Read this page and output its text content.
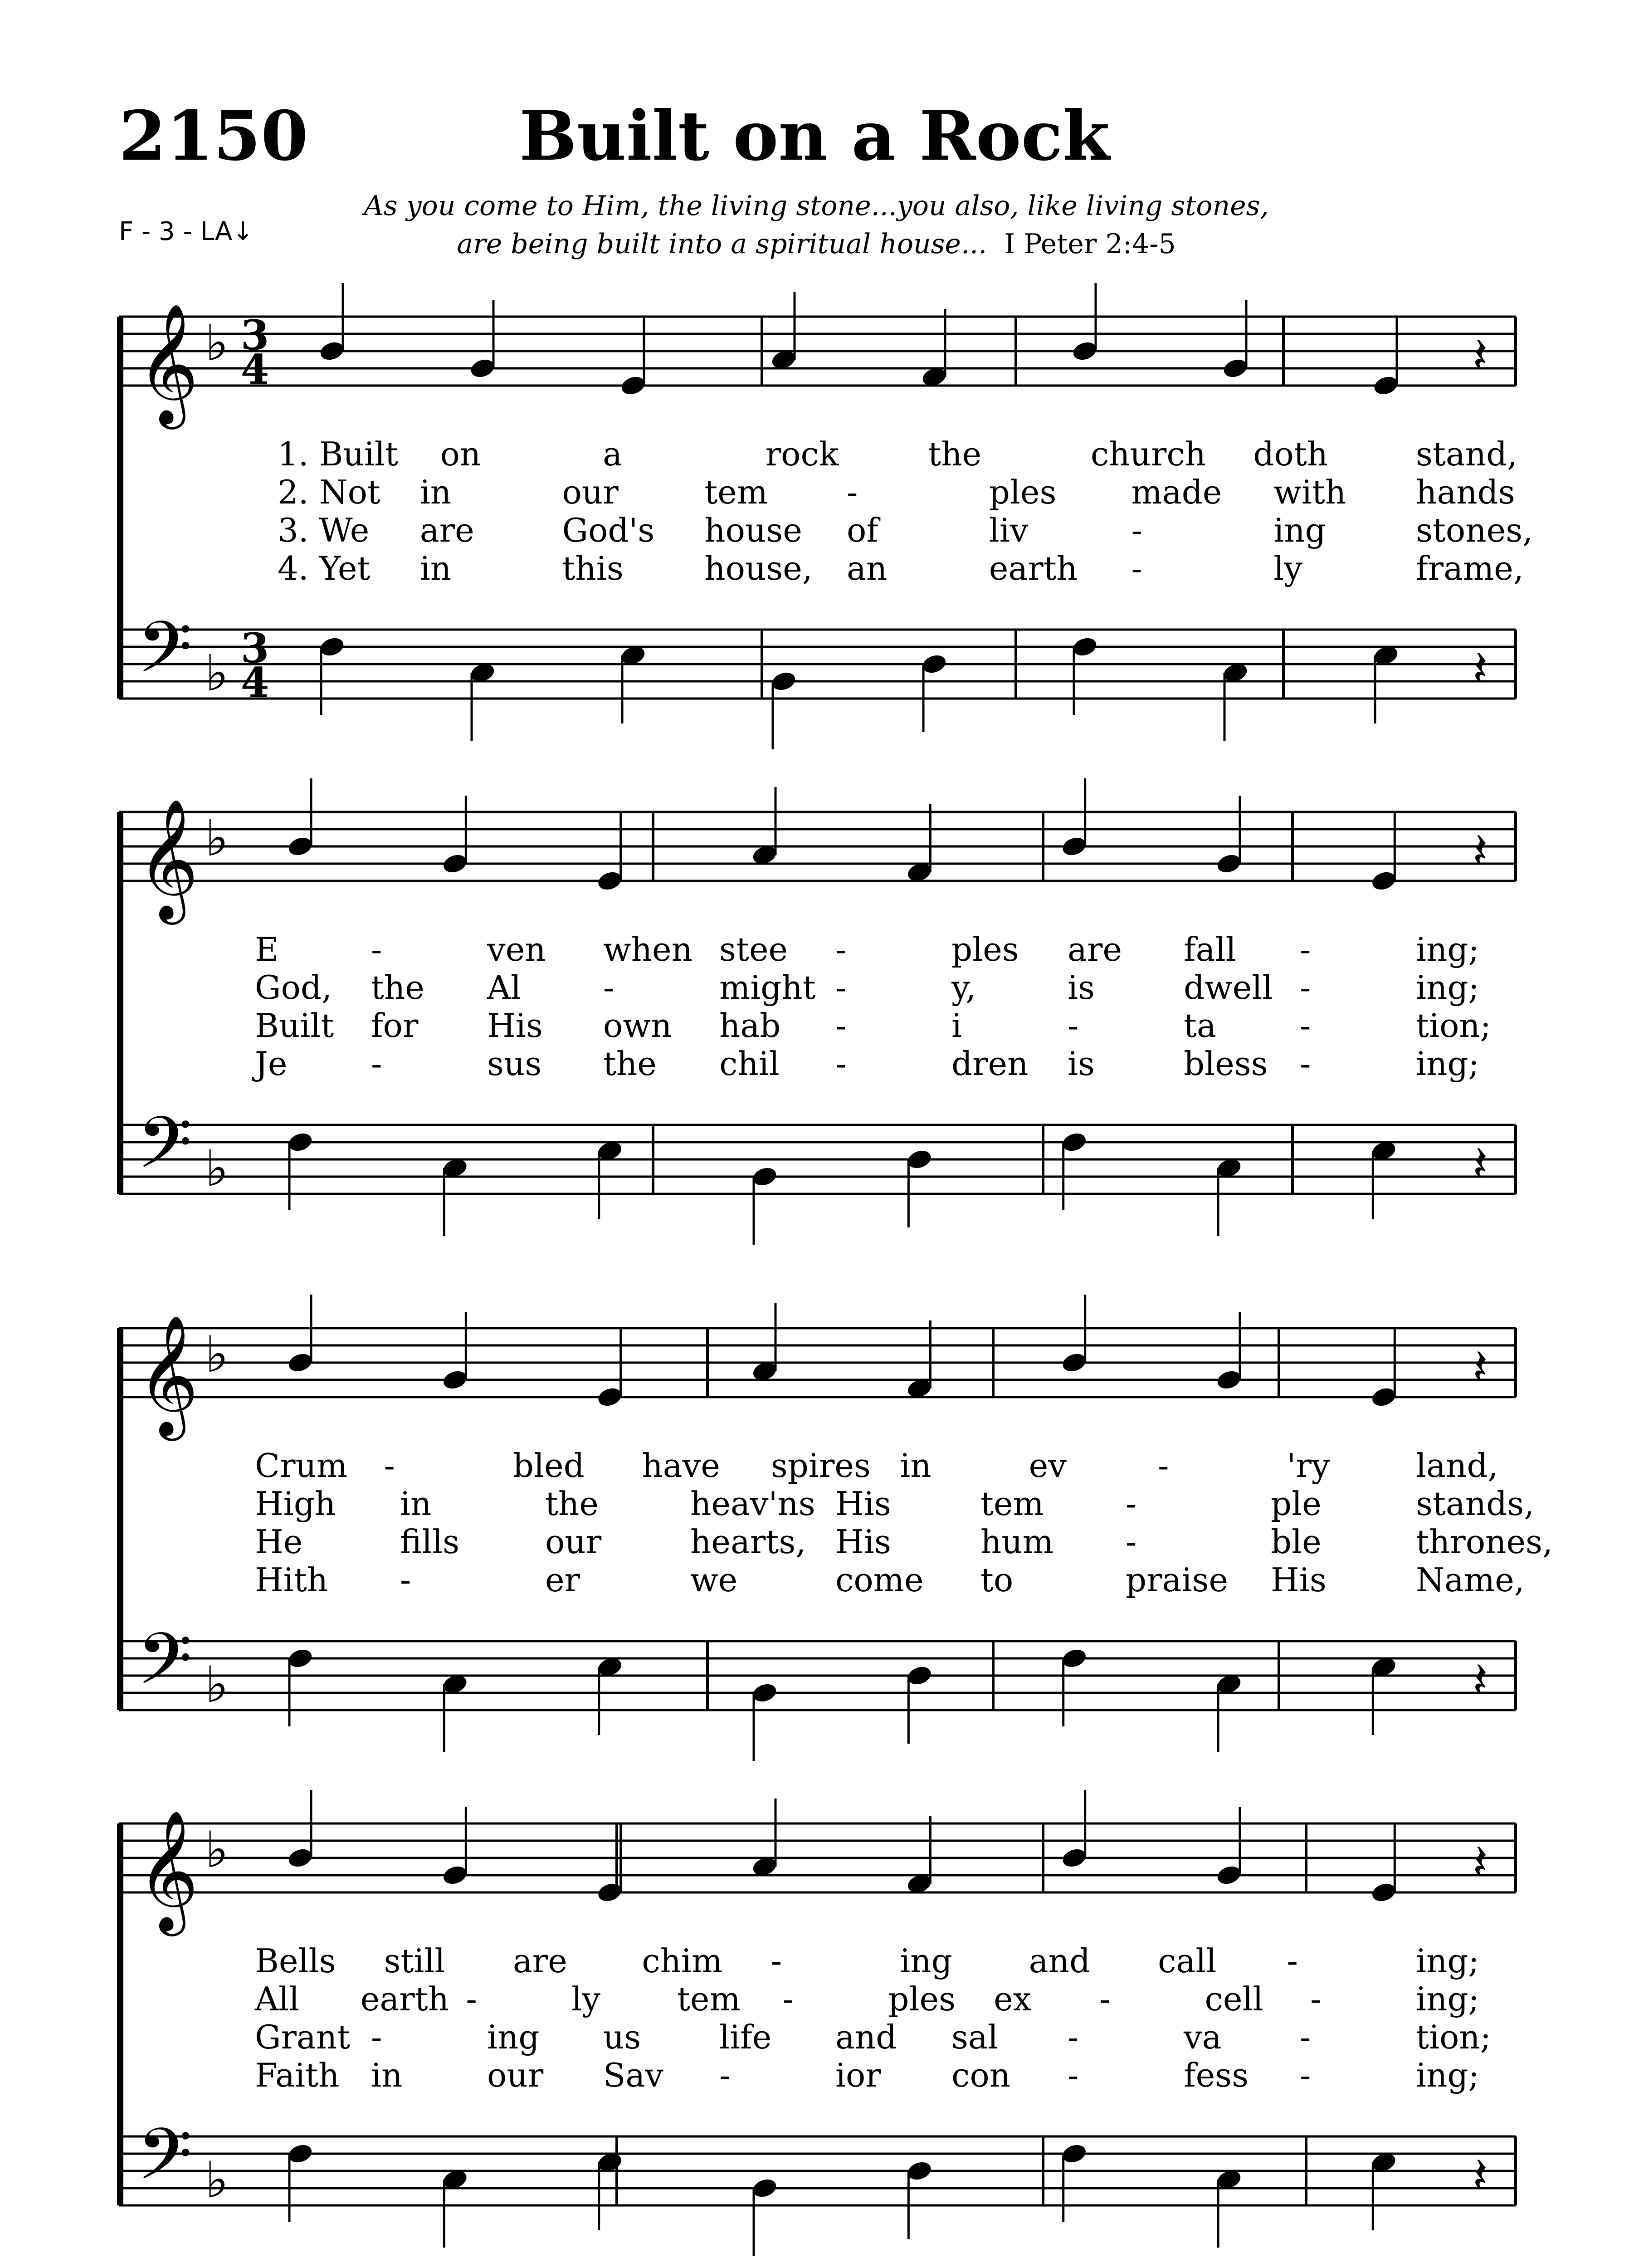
2150	Built on a Rock
As you come to Him, the living stone...you also, like living stones,
are being built into a spiritual house... I Peter 2:4-5
F - 3 - LA↓
𝄞
𝄢
♭
♭
3
4
3
4
𝄽
𝄽
𝄞
𝄢
♭
♭
𝄽
𝄽
𝄞
𝄢
♭
♭
𝄽
𝄽
𝄞
𝄢
♭
♭
𝄽
𝄽
1. Built on	a	rock	the	church doth	stand,
2. Not in	our	tem -	ples made with hands
3. We are	God's house of	liv	-	ing	stones,
4. Yet in	this house, an	earth -	ly	frame,
E	-	ven when stee -	ples are fall -	ing;
God, the Al	-	might -	y,	is	dwell -	ing;
Built for His own hab -	i	-	ta	-	tion;
Je	-	sus the chil -	dren is	bless -	ing;
Crum -	bled have spires in	ev	-	'ry	land,
High in	the	heav'ns His	tem	-	ple	stands,
He	fills	our	hearts, His	hum -	ble	thrones,
Hith -	er	we	come to	praise His	Name,
Bells still are chim -	ing and call -	ing;
All earth -	ly tem -	ples ex -	cell -	ing;
Grant -	ing us life and sal -	va -	tion;
Faith in	our Sav -	ior con -	fess -	ing;
